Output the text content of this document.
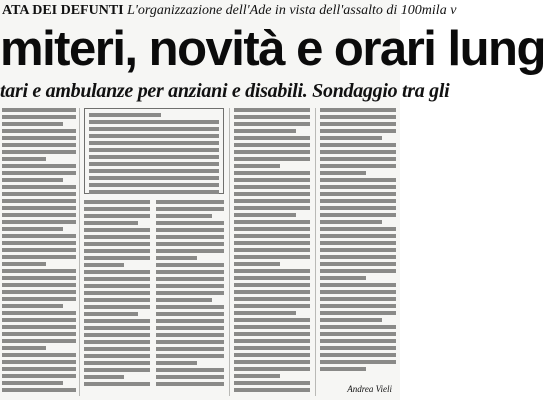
ATA DEI DEFUNTI L'organizzazione dell'Ade in vista dell'assalto di 100mila v
miteri, novità e orari lung
tari e ambulanze per anziani e disabili. Sondaggio tra gli
Andrea Vieli
